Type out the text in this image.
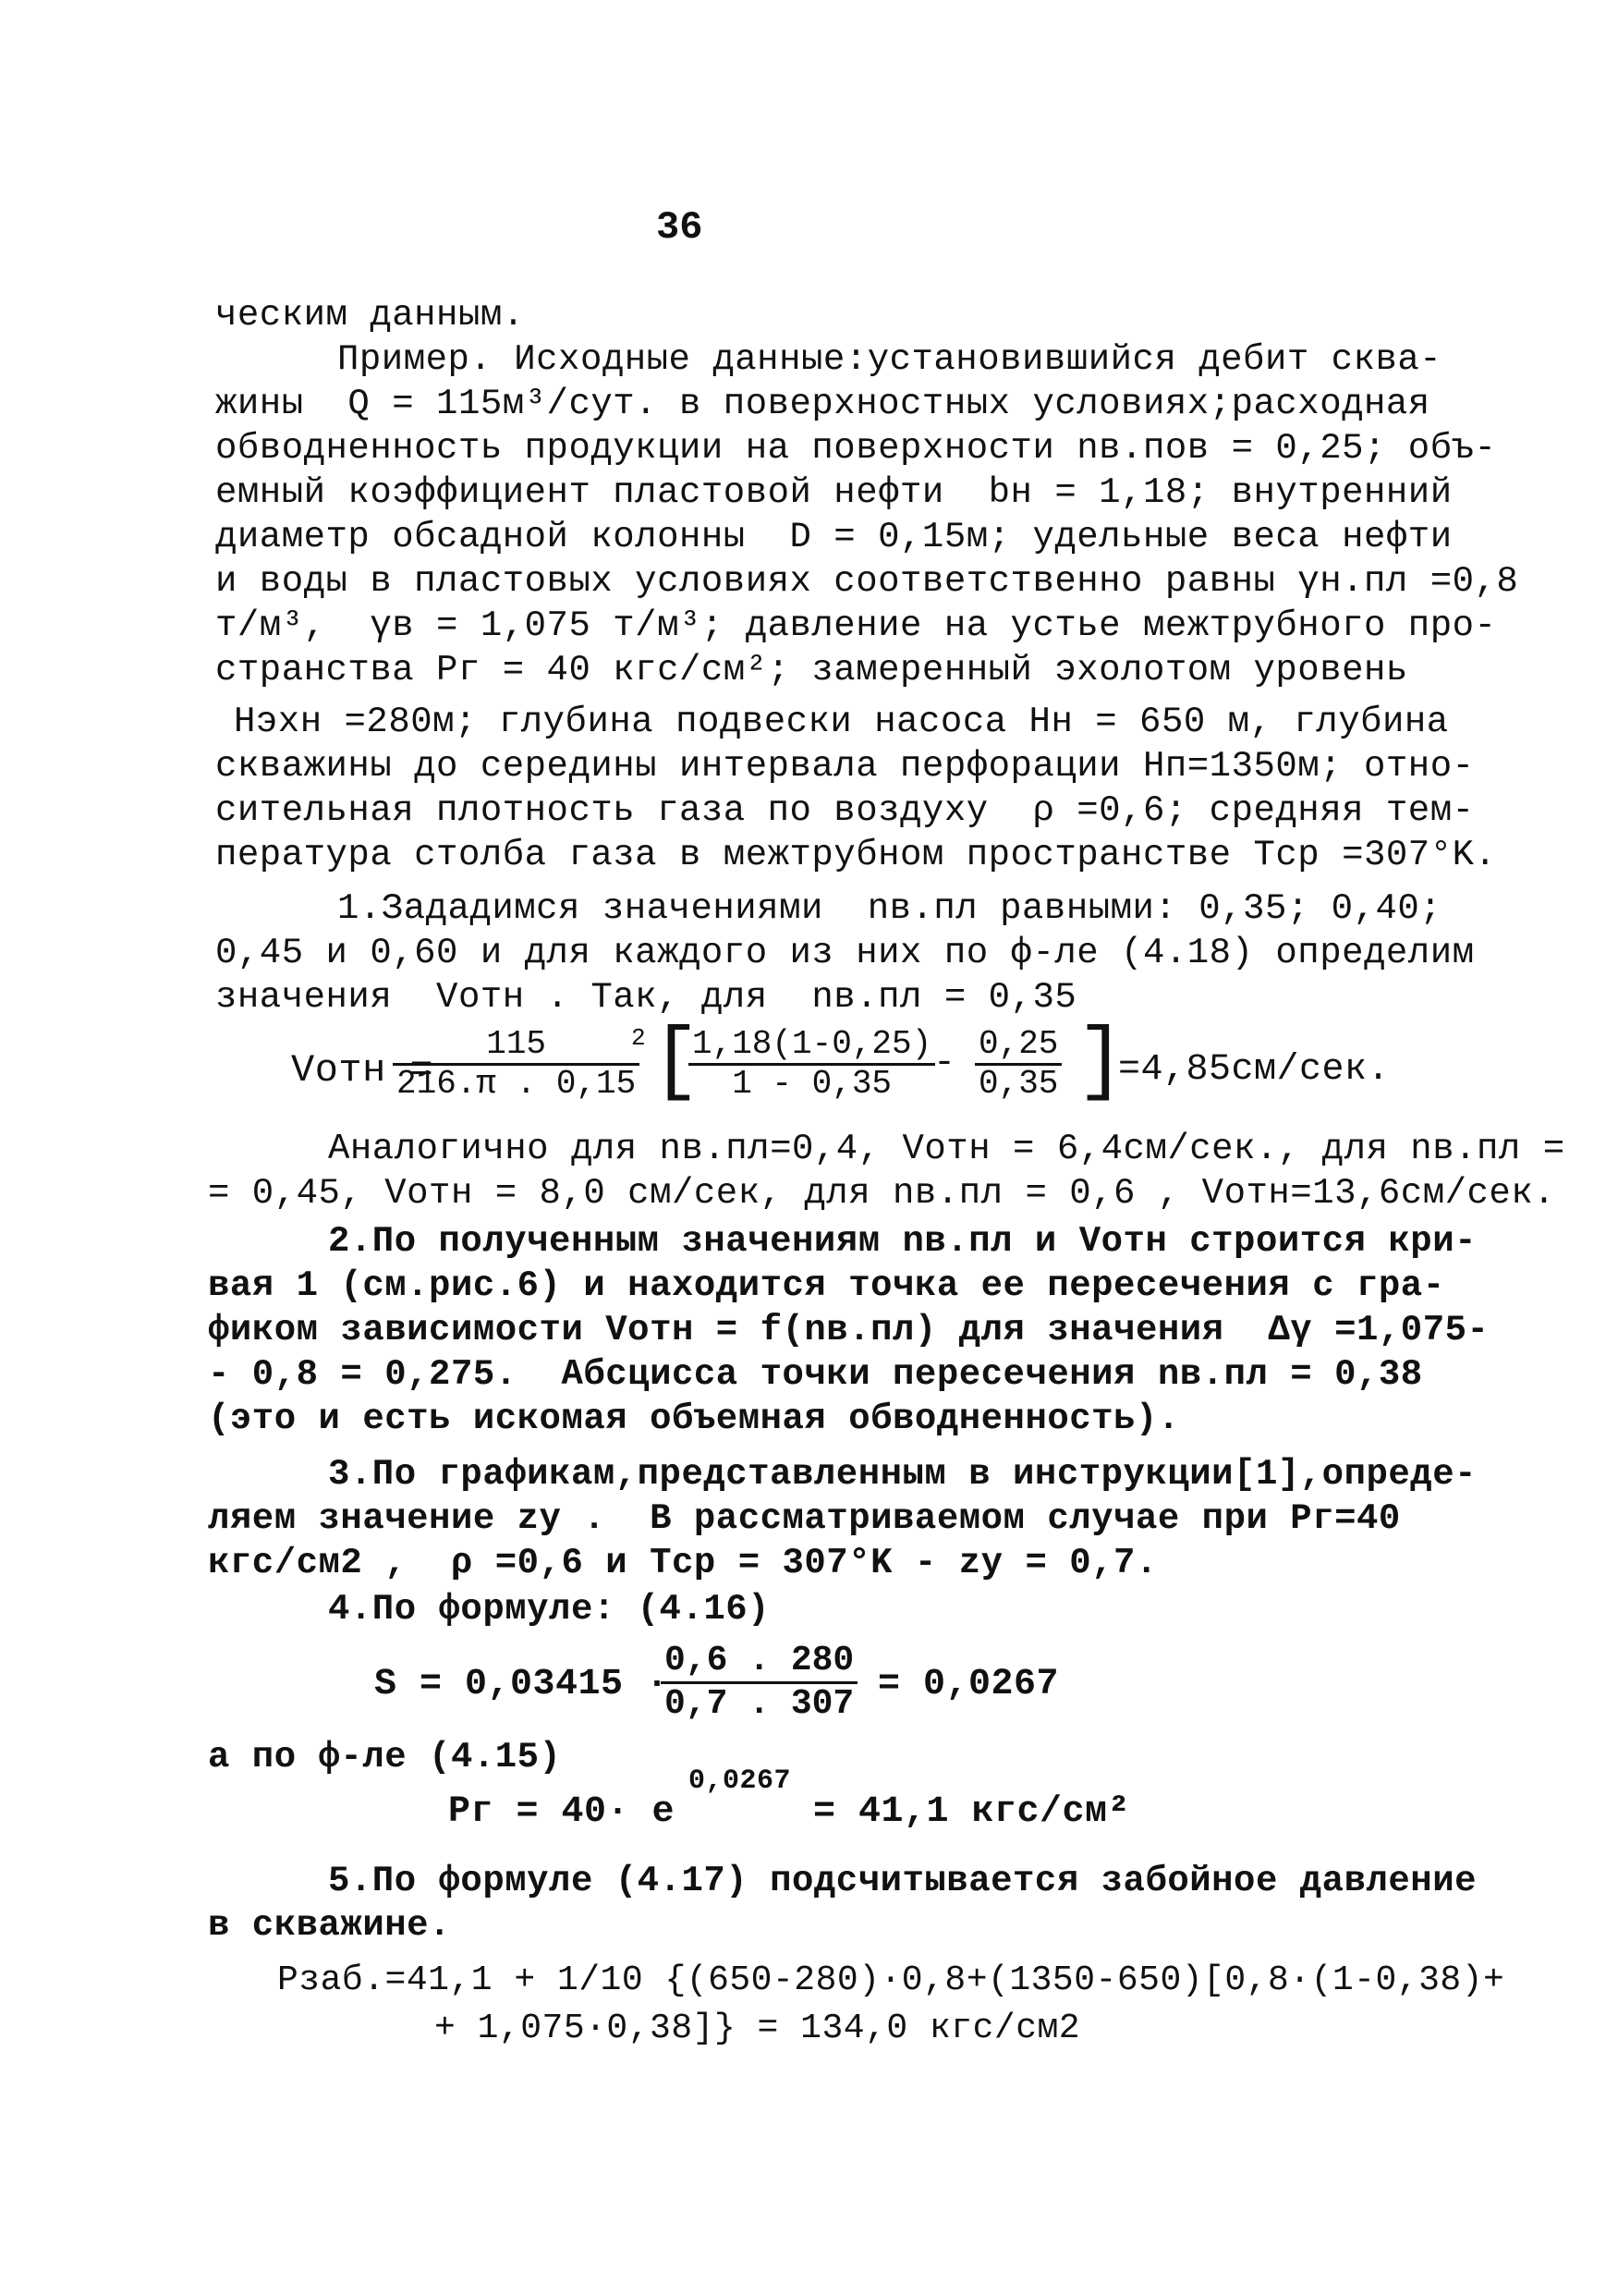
36
ческим данным.
Пример. Исходные данные:установившийся дебит сква-
жины  Q = 115м³/сут. в поверхностных условиях;расходная
обводненность продукции на поверхности nв.пов = 0,25; объ-
емный коэффициент пластовой нефти  bн = 1,18; внутренний
диаметр обсадной колонны  D = 0,15м; удельные веса нефти
и воды в пластовых условиях соответственно равны γн.пл =0,8
т/м³,  γв = 1,075 т/м³; давление на устье межтрубного про-
странства Pг = 40 кгс/см²; замеренный эхолотом уровень
Hэхн =280м; глубина подвески насоса Hн = 650 м, глубина
скважины до середины интервала перфорации Hп=1350м; отно-
сительная плотность газа по воздуху  ρ =0,6; средняя тем-
пература столба газа в межтрубном пространстве Tср =307°K.
1.Зададимся значениями  nв.пл равными: 0,35; 0,40;
0,45 и 0,60 и для каждого из них по ф-ле (4.18) определим
значения  Vотн . Так, для  nв.пл = 0,35
Vотн =
$\frac{115}{216.\pi . 0,15}$
2 [
$\frac{1,18(1-0,25)}{1 - 0,35}$
- $\frac{0,25}{0,35}$ ]
=4,85см/сек.
Аналогично для nв.пл=0,4, Vотн = 6,4см/сек., для nв.пл =
= 0,45, Vотн = 8,0 см/сек, для nв.пл = 0,6 , Vотн=13,6см/сек.
2.По полученным значениям nв.пл и Vотн строится кри-
вая 1 (см.рис.6) и находится точка ее пересечения с гра-
фиком зависимости Vотн = f(nв.пл) для значения  Δγ =1,075-
- 0,8 = 0,275.  Абсцисса точки пересечения nв.пл = 0,38
(это и есть искомая объемная обводненность).
3.По графикам,представленным в инструкции[1],опреде-
ляем значение zу .  В рассматриваемом случае при Pг=40
кгс/см2 ,  ρ =0,6 и Tср = 307°K - zу = 0,7.
4.По формуле: (4.16)
S = 0,03415 ·
$\frac{0,6 . 280}{0,7 . 307} = 0,0267$
а по ф-ле (4.15)
Pг = 40· e
0,0267
= 41,1 кгс/см²
5.По формуле (4.17) подсчитывается забойное давление
в скважине.
Pзаб.=41,1 + 1/10 {(650-280)·0,8+(1350-650)[0,8·(1-0,38)+
+ 1,075·0,38]} = 134,0 кгс/см2
